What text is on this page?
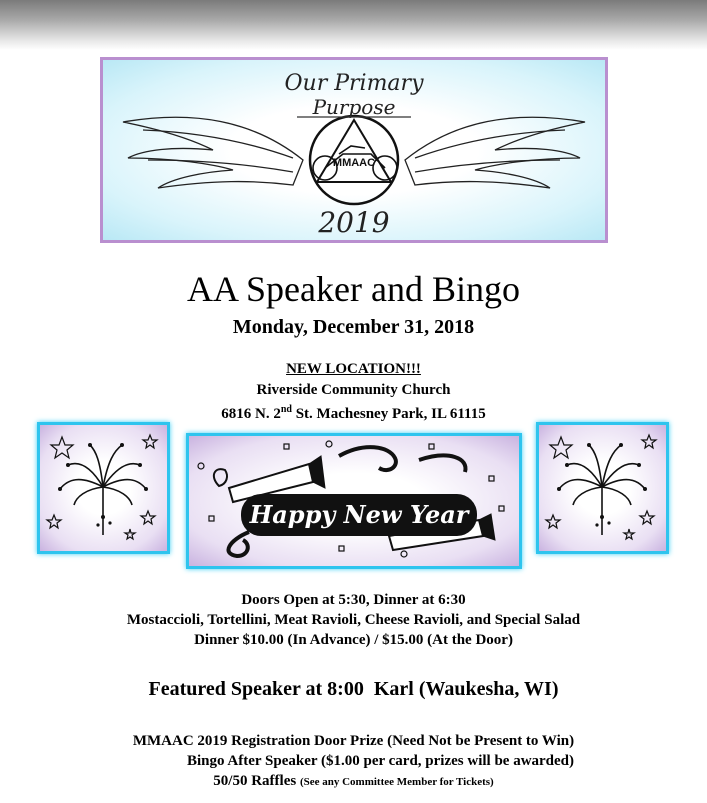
MMAAC
Our Primary
Purpose
2019
AA Speaker and Bingo
Monday, December 31, 2018
NEW LOCATION!!!
Riverside Community Church
6816 N. 2nd St. Machesney Park, IL 61115
Happy New Year
Doors Open at 5:30, Dinner at 6:30
Mostaccioli, Tortellini, Meat Ravioli, Cheese Ravioli, and Special Salad
Dinner $10.00 (In Advance) / $15.00 (At the Door)
Featured Speaker at 8:00 Karl (Waukesha, WI)
MMAAC 2019 Registration Door Prize (Need Not be Present to Win)
Bingo After Speaker ($1.00 per card, prizes will be awarded)
50/50 Raffles (See any Committee Member for Tickets)
